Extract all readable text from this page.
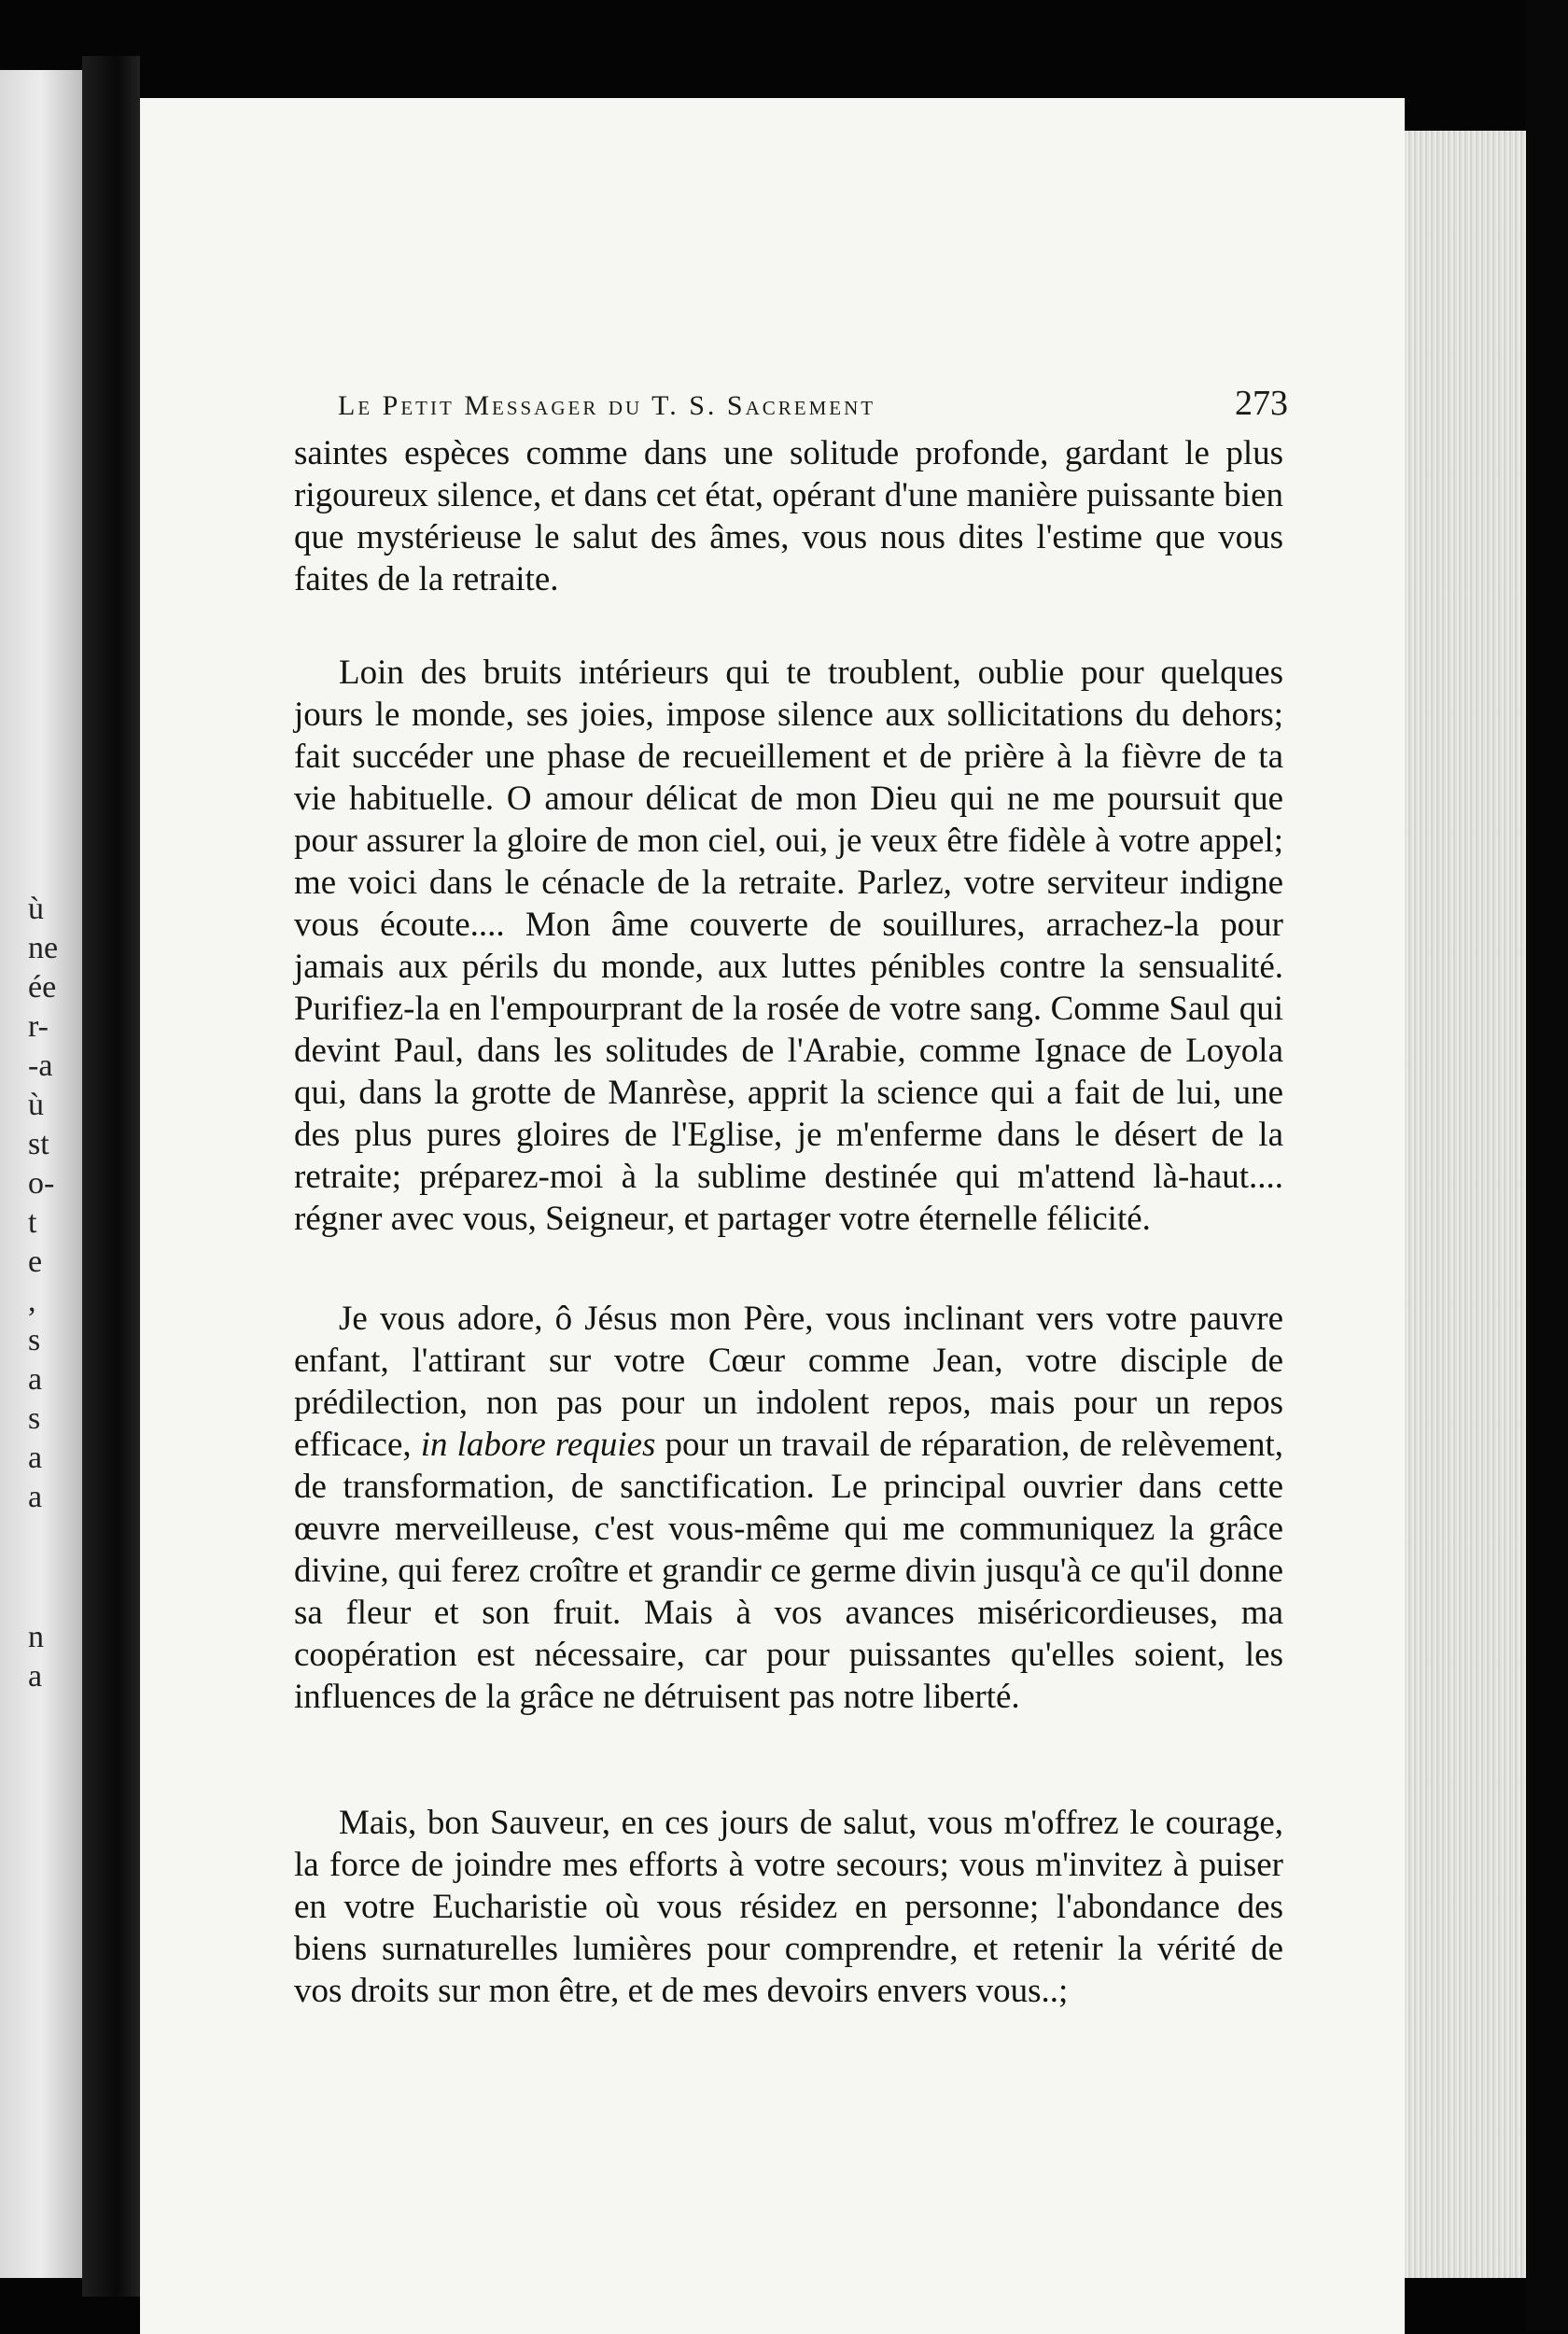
ù
ne
ée
r-
-a
ù
st
o-
t
e
,
s
a
s
a
a
n
a
Le Petit Messager du T. S. Sacrement	273

saintes espèces comme dans une solitude profonde, gardant le plus rigoureux silence, et dans cet état, opérant d'une manière puissante bien que mystérieuse le salut des âmes, vous nous dites l'estime que vous faites de la retraite.

Loin des bruits intérieurs qui te troublent, oublie pour quelques jours le monde, ses joies, impose silence aux sollicitations du dehors; fait succéder une phase de recueillement et de prière à la fièvre de ta vie habituelle. O amour délicat de mon Dieu qui ne me poursuit que pour assurer la gloire de mon ciel, oui, je veux être fidèle à votre appel; me voici dans le cénacle de la retraite. Parlez, votre serviteur indigne vous écoute.... Mon âme couverte de souillures, arrachez-la pour jamais aux périls du monde, aux luttes pénibles contre la sensualité. Purifiez-la en l'empourprant de la rosée de votre sang. Comme Saul qui devint Paul, dans les solitudes de l'Arabie, comme Ignace de Loyola qui, dans la grotte de Manrèse, apprit la science qui a fait de lui, une des plus pures gloires de l'Eglise, je m'enferme dans le désert de la retraite; préparez-moi à la sublime destinée qui m'attend là-haut.... régner avec vous, Seigneur, et partager votre éternelle félicité.

Je vous adore, ô Jésus mon Père, vous inclinant vers votre pauvre enfant, l'attirant sur votre Cœur comme Jean, votre disciple de prédilection, non pas pour un indolent repos, mais pour un repos efficace, in labore requies pour un travail de réparation, de relèvement, de transformation, de sanctification. Le principal ouvrier dans cette œuvre merveilleuse, c'est vous-même qui me communiquez la grâce divine, qui ferez croître et grandir ce germe divin jusqu'à ce qu'il donne sa fleur et son fruit. Mais à vos avances miséricordieuses, ma coopération est nécessaire, car pour puissantes qu'elles soient, les influences de la grâce ne détruisent pas notre liberté.

Mais, bon Sauveur, en ces jours de salut, vous m'offrez le courage, la force de joindre mes efforts à votre secours; vous m'invitez à puiser en votre Eucharistie où vous résidez en personne; l'abondance des biens surnaturelles lumières pour comprendre, et retenir la vérité de vos droits sur mon être, et de mes devoirs envers vous..;
